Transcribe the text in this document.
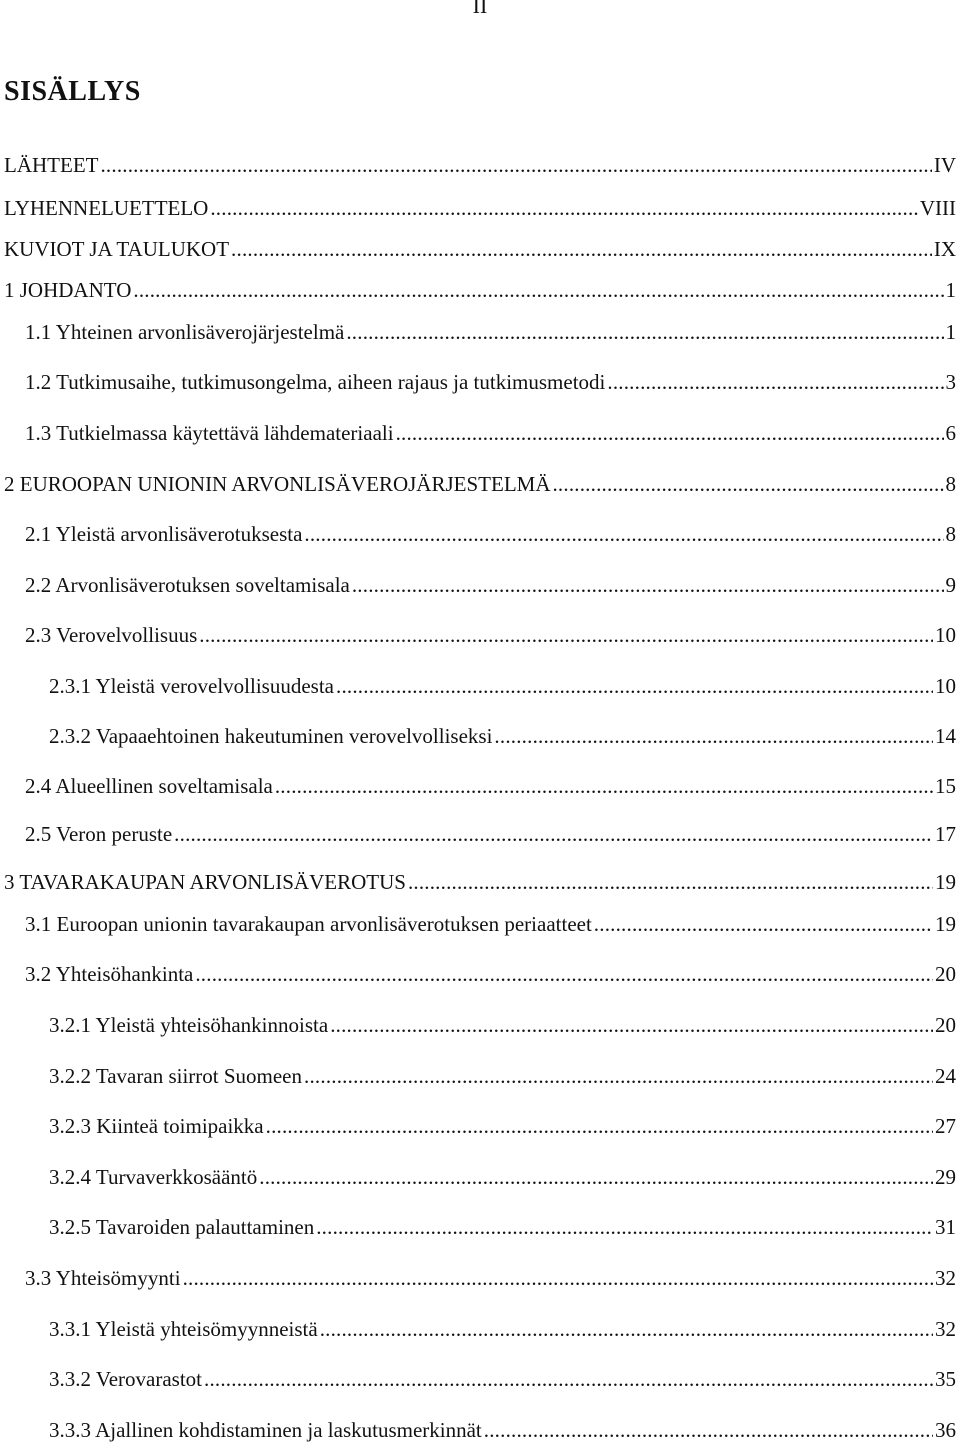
II
SISÄLLYS
LÄHTEET .....	IV
LYHENNELUETTELO .....	VIII
KUVIOT JA TAULUKOT .....	IX
1 JOHDANTO .....	1
1.1 Yhteinen arvonlisäverojärjestelmä .....	1
1.2 Tutkimusaihe, tutkimusongelma, aiheen rajaus ja tutkimusmetodi .....	3
1.3 Tutkielmassa käytettävä lähdemateriaali .....	6
2 EUROOPAN UNIONIN ARVONLISÄVEROJÄRJESTELMÄ .....	8
2.1 Yleistä arvonlisäverotuksesta .....	8
2.2 Arvonlisäverotuksen soveltamisala .....	9
2.3 Verovelvollisuus .....	10
2.3.1 Yleistä verovelvollisuudesta .....	10
2.3.2 Vapaaehtoinen hakeutuminen verovelvolliseksi .....	14
2.4 Alueellinen soveltamisala .....	15
2.5 Veron peruste .....	17
3 TAVARAKAUPAN ARVONLISÄVEROTUS .....	19
3.1 Euroopan unionin tavarakaupan arvonlisäverotuksen periaatteet .....	19
3.2 Yhteisöhankinta .....	20
3.2.1 Yleistä yhteisöhankinnoista .....	20
3.2.2 Tavaran siirrot Suomeen .....	24
3.2.3 Kiinteä toimipaikka .....	27
3.2.4 Turvaverkkosääntö .....	29
3.2.5 Tavaroiden palauttaminen .....	31
3.3 Yhteisömyynti .....	32
3.3.1 Yleistä yhteisömyynneistä .....	32
3.3.2 Verovarastot .....	35
3.3.3 Ajallinen kohdistaminen ja laskutusmerkinnät .....	36
